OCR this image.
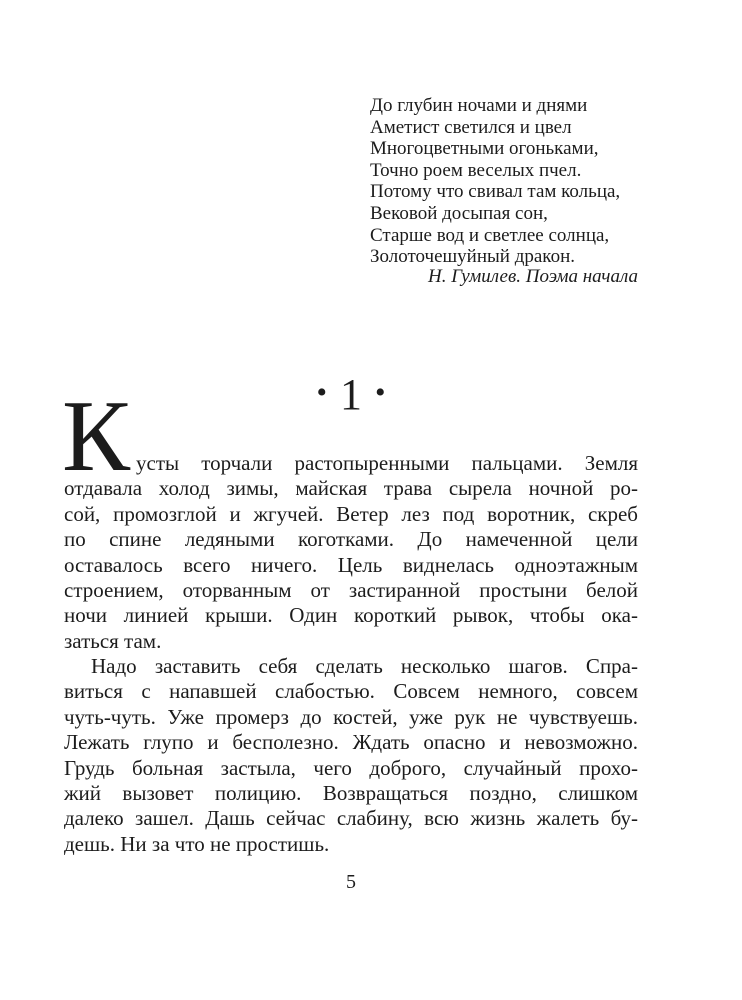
До глубин ночами и днями
Аметист светился и цвел
Многоцветными огоньками,
Точно роем веселых пчел.
Потому что свивал там кольца,
Вековой досыпая сон,
Старше вод и светлее солнца,
Золоточешуйный дракон.
Н. Гумилев. Поэма начала
• 1 •
К усты торчали растопыренными пальцами. Земля
отдавала холод зимы, майская трава сырела ночной ро-
сой, промозглой и жгучей. Ветер лез под воротник, скреб
по спине ледяными коготками. До намеченной цели
оставалось всего ничего. Цель виднелась одноэтажным
строением, оторванным от застиранной простыни белой
ночи линией крыши. Один короткий рывок, чтобы ока-
заться там.
Надо заставить себя сделать несколько шагов. Спра-
виться с напавшей слабостью. Совсем немного, совсем
чуть-чуть. Уже промерз до костей, уже рук не чувствуешь.
Лежать глупо и бесполезно. Ждать опасно и невозможно.
Грудь больная застыла, чего доброго, случайный прохо-
жий вызовет полицию. Возвращаться поздно, слишком
далеко зашел. Дашь сейчас слабину, всю жизнь жалеть бу-
дешь. Ни за что не простишь.
5
